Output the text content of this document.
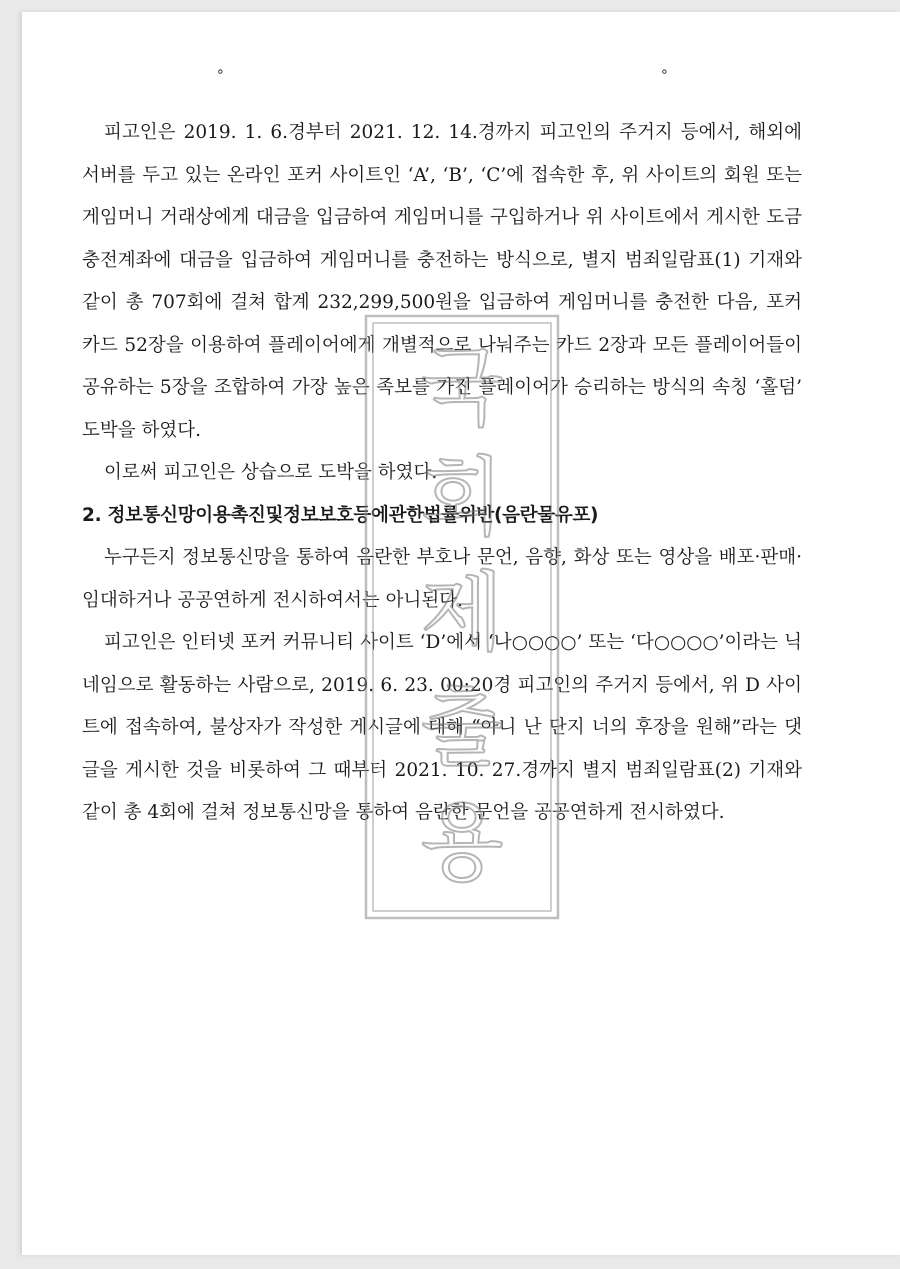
∘	∘

피고인은 2019. 1. 6.경부터 2021. 12. 14.경까지 피고인의 주거지 등에서, 해외에 서버를 두고 있는 온라인 포커 사이트인 ‘A’, ‘B’, ‘C’에 접속한 후, 위 사이트의 회원 또는 게임머니 거래상에게 대금을 입금하여 게임머니를 구입하거나 위 사이트에서 게시한 도금 충전계좌에 대금을 입금하여 게임머니를 충전하는 방식으로, 별지 범죄일람표(1) 기재와 같이 총 707회에 걸쳐 합계 232,299,500원을 입금하여 게임머니를 충전한 다음, 포커 카드 52장을 이용하여 플레이어에게 개별적으로 나눠주는 카드 2장과 모든 플레이어들이 공유하는 5장을 조합하여 가장 높은 족보를 가진 플레이어가 승리하는 방식의 속칭 ‘홀덤’ 도박을 하였다.

이로써 피고인은 상습으로 도박을 하였다.

2. 정보통신망이용촉진및정보보호등에관한법률위반(음란물유포)

누구든지 정보통신망을 통하여 음란한 부호나 문언, 음향, 화상 또는 영상을 배포·판매·임대하거나 공공연하게 전시하여서는 아니된다.

피고인은 인터넷 포커 커뮤니티 사이트 ‘D’에서 ‘나○○○○’ 또는 ‘다○○○○’이라는 닉네임으로 활동하는 사람으로, 2019. 6. 23. 00:20경 피고인의 주거지 등에서, 위 D 사이트에 접속하여, 불상자가 작성한 게시글에 대해 “아니 난 단지 너의 후장을 원해”라는 댓글을 게시한 것을 비롯하여 그 때부터 2021. 10. 27.경까지 별지 범죄일람표(2) 기재와 같이 총 4회에 걸쳐 정보통신망을 통하여 음란한 문언을 공공연하게 전시하였다.

국
회
제
출
용
